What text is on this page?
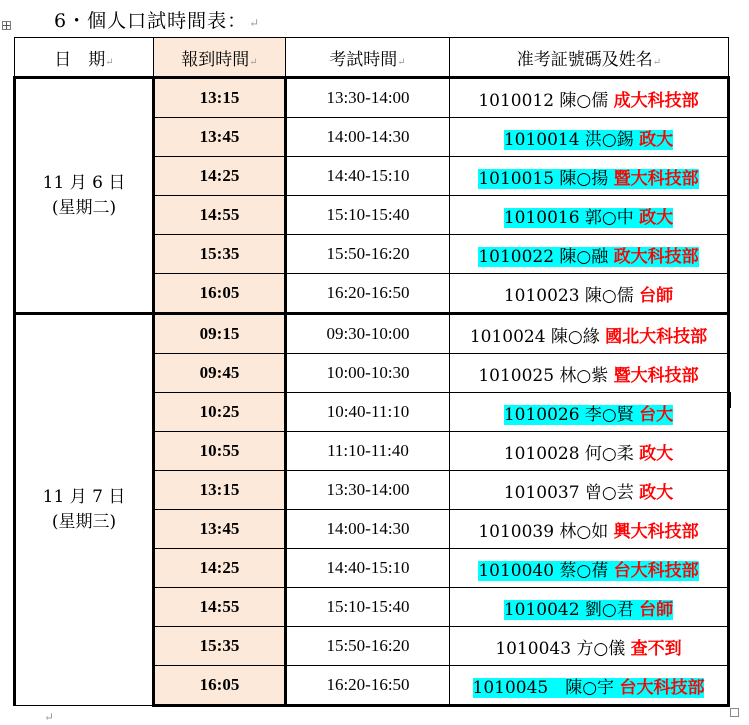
6・個人口試時間表： ↵
日　期↵	報到時間↵	考試時間↵	准考証號碼及姓名↵

11 月 6 日
(星期二)	13:15	13:30-14:00	1010012 陳○儒 成大科技部
	13:45	14:00-14:30	1010014 洪○錫 政大
	14:25	14:40-15:10	1010015 陳○揚 暨大科技部
	14:55	15:10-15:40	1010016 郭○中 政大
	15:35	15:50-16:20	1010022 陳○融 政大科技部
	16:05	16:20-16:50	1010023 陳○儒 台師

11 月 7 日
(星期三)	09:15	09:30-10:00	1010024 陳○緣 國北大科技部
	09:45	10:00-10:30	1010025 林○紫 暨大科技部
	10:25	10:40-11:10	1010026 李○賢 台大
	10:55	11:10-11:40	1010028 何○柔 政大
	13:15	13:30-14:00	1010037 曾○芸 政大
	13:45	14:00-14:30	1010039 林○如 興大科技部
	14:25	14:40-15:10	1010040 蔡○蒨 台大科技部
	14:55	15:10-15:40	1010042 劉○君 台師
	15:35	15:50-16:20	1010043 方○儀 查不到
	16:05	16:20-16:50	1010045　陳○宇 台大科技部
↵
